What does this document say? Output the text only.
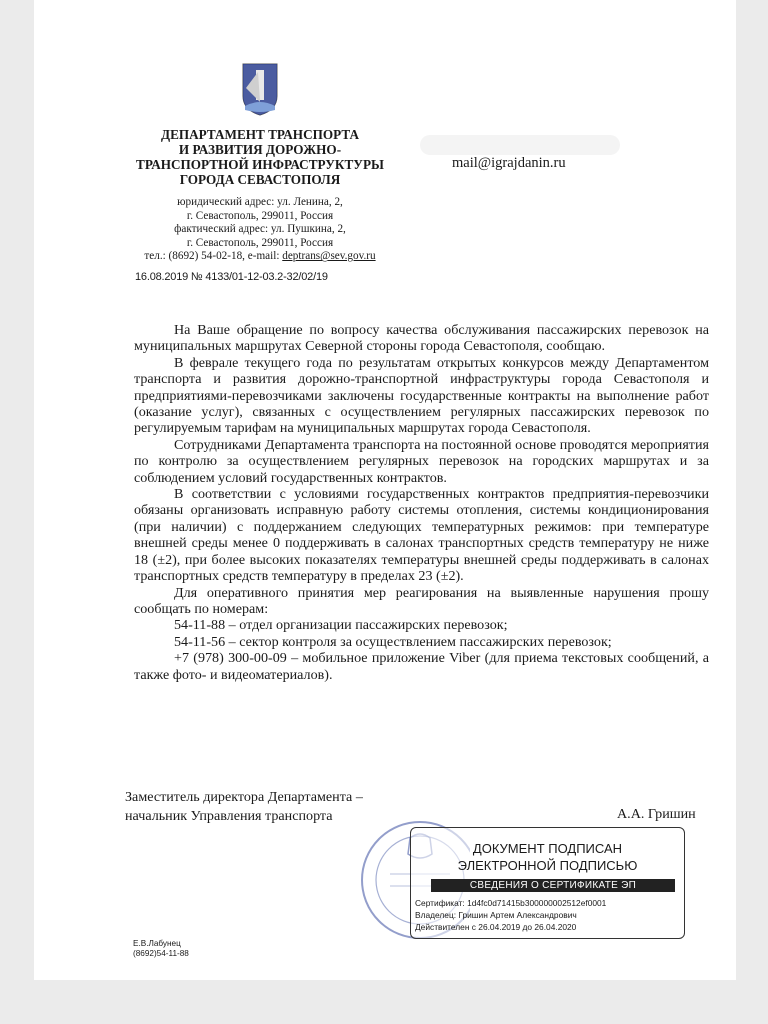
ДЕПАРТАМЕНТ ТРАНСПОРТА
И РАЗВИТИЯ ДОРОЖНО-
ТРАНСПОРТНОЙ ИНФРАСТРУКТУРЫ
ГОРОДА СЕВАСТОПОЛЯ
юридический адрес: ул. Ленина, 2,
г. Севастополь, 299011, Россия
фактический адрес: ул. Пушкина, 2,
г. Севастополь, 299011, Россия
тел.: (8692) 54-02-18, e-mail: deptrans@sev.gov.ru
mail@igrajdanin.ru
16.08.2019 № 4133/01-12-03.2-32/02/19

На Ваше обращение по вопросу качества обслуживания пассажирских перевозок на муниципальных маршрутах Северной стороны города Севастополя, сообщаю.

В феврале текущего года по результатам открытых конкурсов между Департаментом транспорта и развития дорожно-транспортной инфраструктуры города Севастополя и предприятиями-перевозчиками заключены государственные контракты на выполнение работ (оказание услуг), связанных с осуществлением регулярных пассажирских перевозок по регулируемым тарифам на муниципальных маршрутах города Севастополя.

Сотрудниками Департамента транспорта на постоянной основе проводятся мероприятия по контролю за осуществлением регулярных перевозок на городских маршрутах и за соблюдением условий государственных контрактов.

В соответствии с условиями государственных контрактов предприятия-перевозчики обязаны организовать исправную работу системы отопления, системы кондиционирования (при наличии) с поддержанием следующих температурных режимов: при температуре внешней среды менее 0 поддерживать в салонах транспортных средств температуру не ниже 18 (±2), при более высоких показателях температуры внешней среды поддерживать в салонах транспортных средств температуру в пределах 23 (±2).

Для оперативного принятия мер реагирования на выявленные нарушения прошу сообщать по номерам:

54-11-88 – отдел организации пассажирских перевозок;

54-11-56 – сектор контроля за осуществлением пассажирских перевозок;

+7 (978) 300-00-09 – мобильное приложение Viber (для приема текстовых сообщений, а также фото- и видеоматериалов).

Заместитель директора Департамента –
начальник Управления транспорта	А.А. Гришин
ДОКУМЕНТ ПОДПИСАН
ЭЛЕКТРОННОЙ ПОДПИСЬЮ
СВЕДЕНИЯ О СЕРТИФИКАТЕ ЭП
Сертификат: 1d4fc0d71415b300000002512ef0001
Владелец: Гришин Артем Александрович
Действителен с 26.04.2019 до 26.04.2020
Е.В.Лабунец
(8692)54-11-88
